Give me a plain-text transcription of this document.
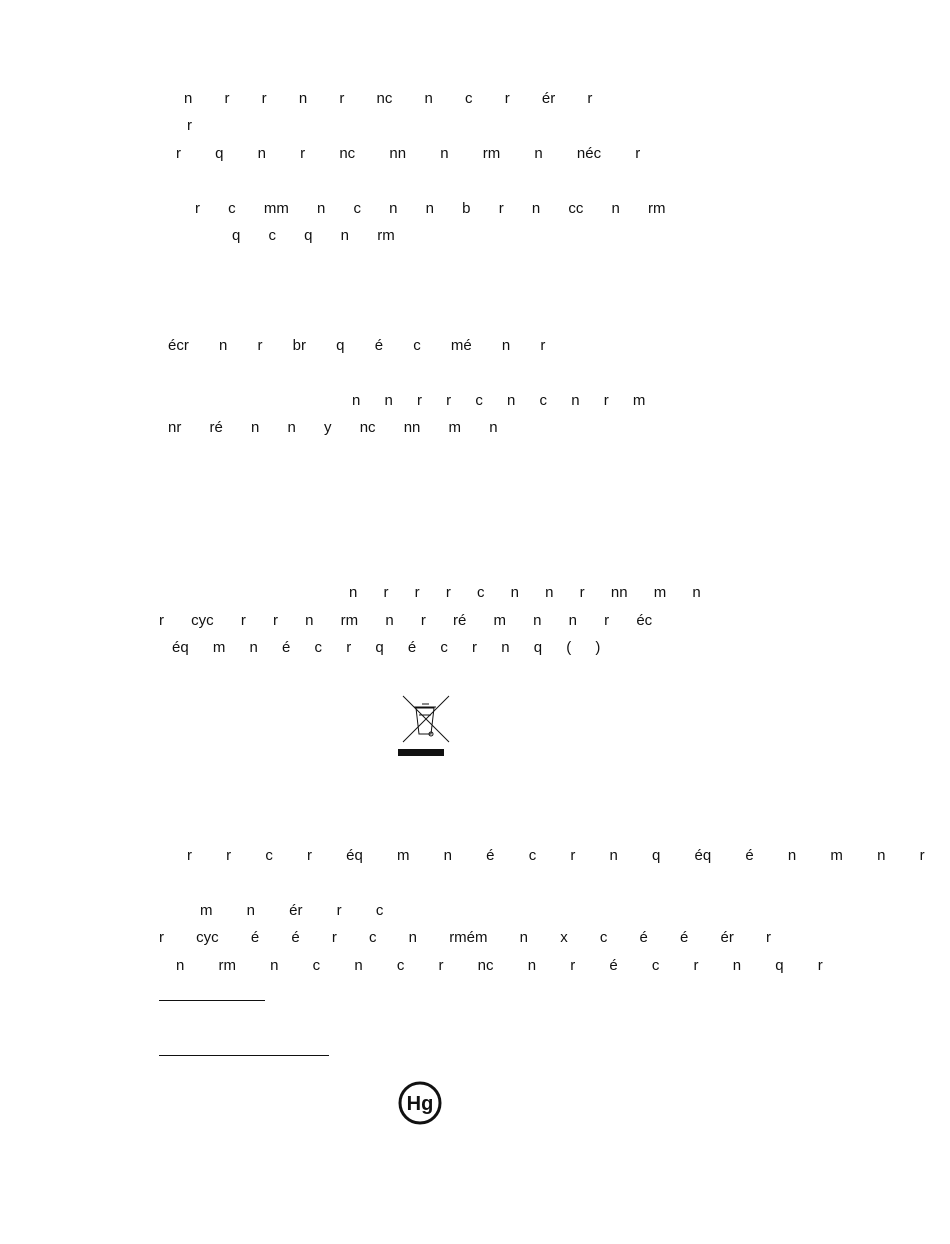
n r r n r nc n c r ér r
r
r q n r nc nn n rm n néc r
r c mm n c n n b r n cc n rm
q c q n rm
écr n r br q é c mé n r
n n r r c n c n r m
nr ré n n y nc nn m n
n r r r c n n r nn m n
r cyc r r n rm n r ré m n n r éc
éq m n é c r q é c r n q ( )
r r c r éq m n é c r n q éq é n m n r
m n ér r c
r cyc é é r c n rmém n x c é é ér r
n rm n c n c r nc n r é c r n q r
Hg
